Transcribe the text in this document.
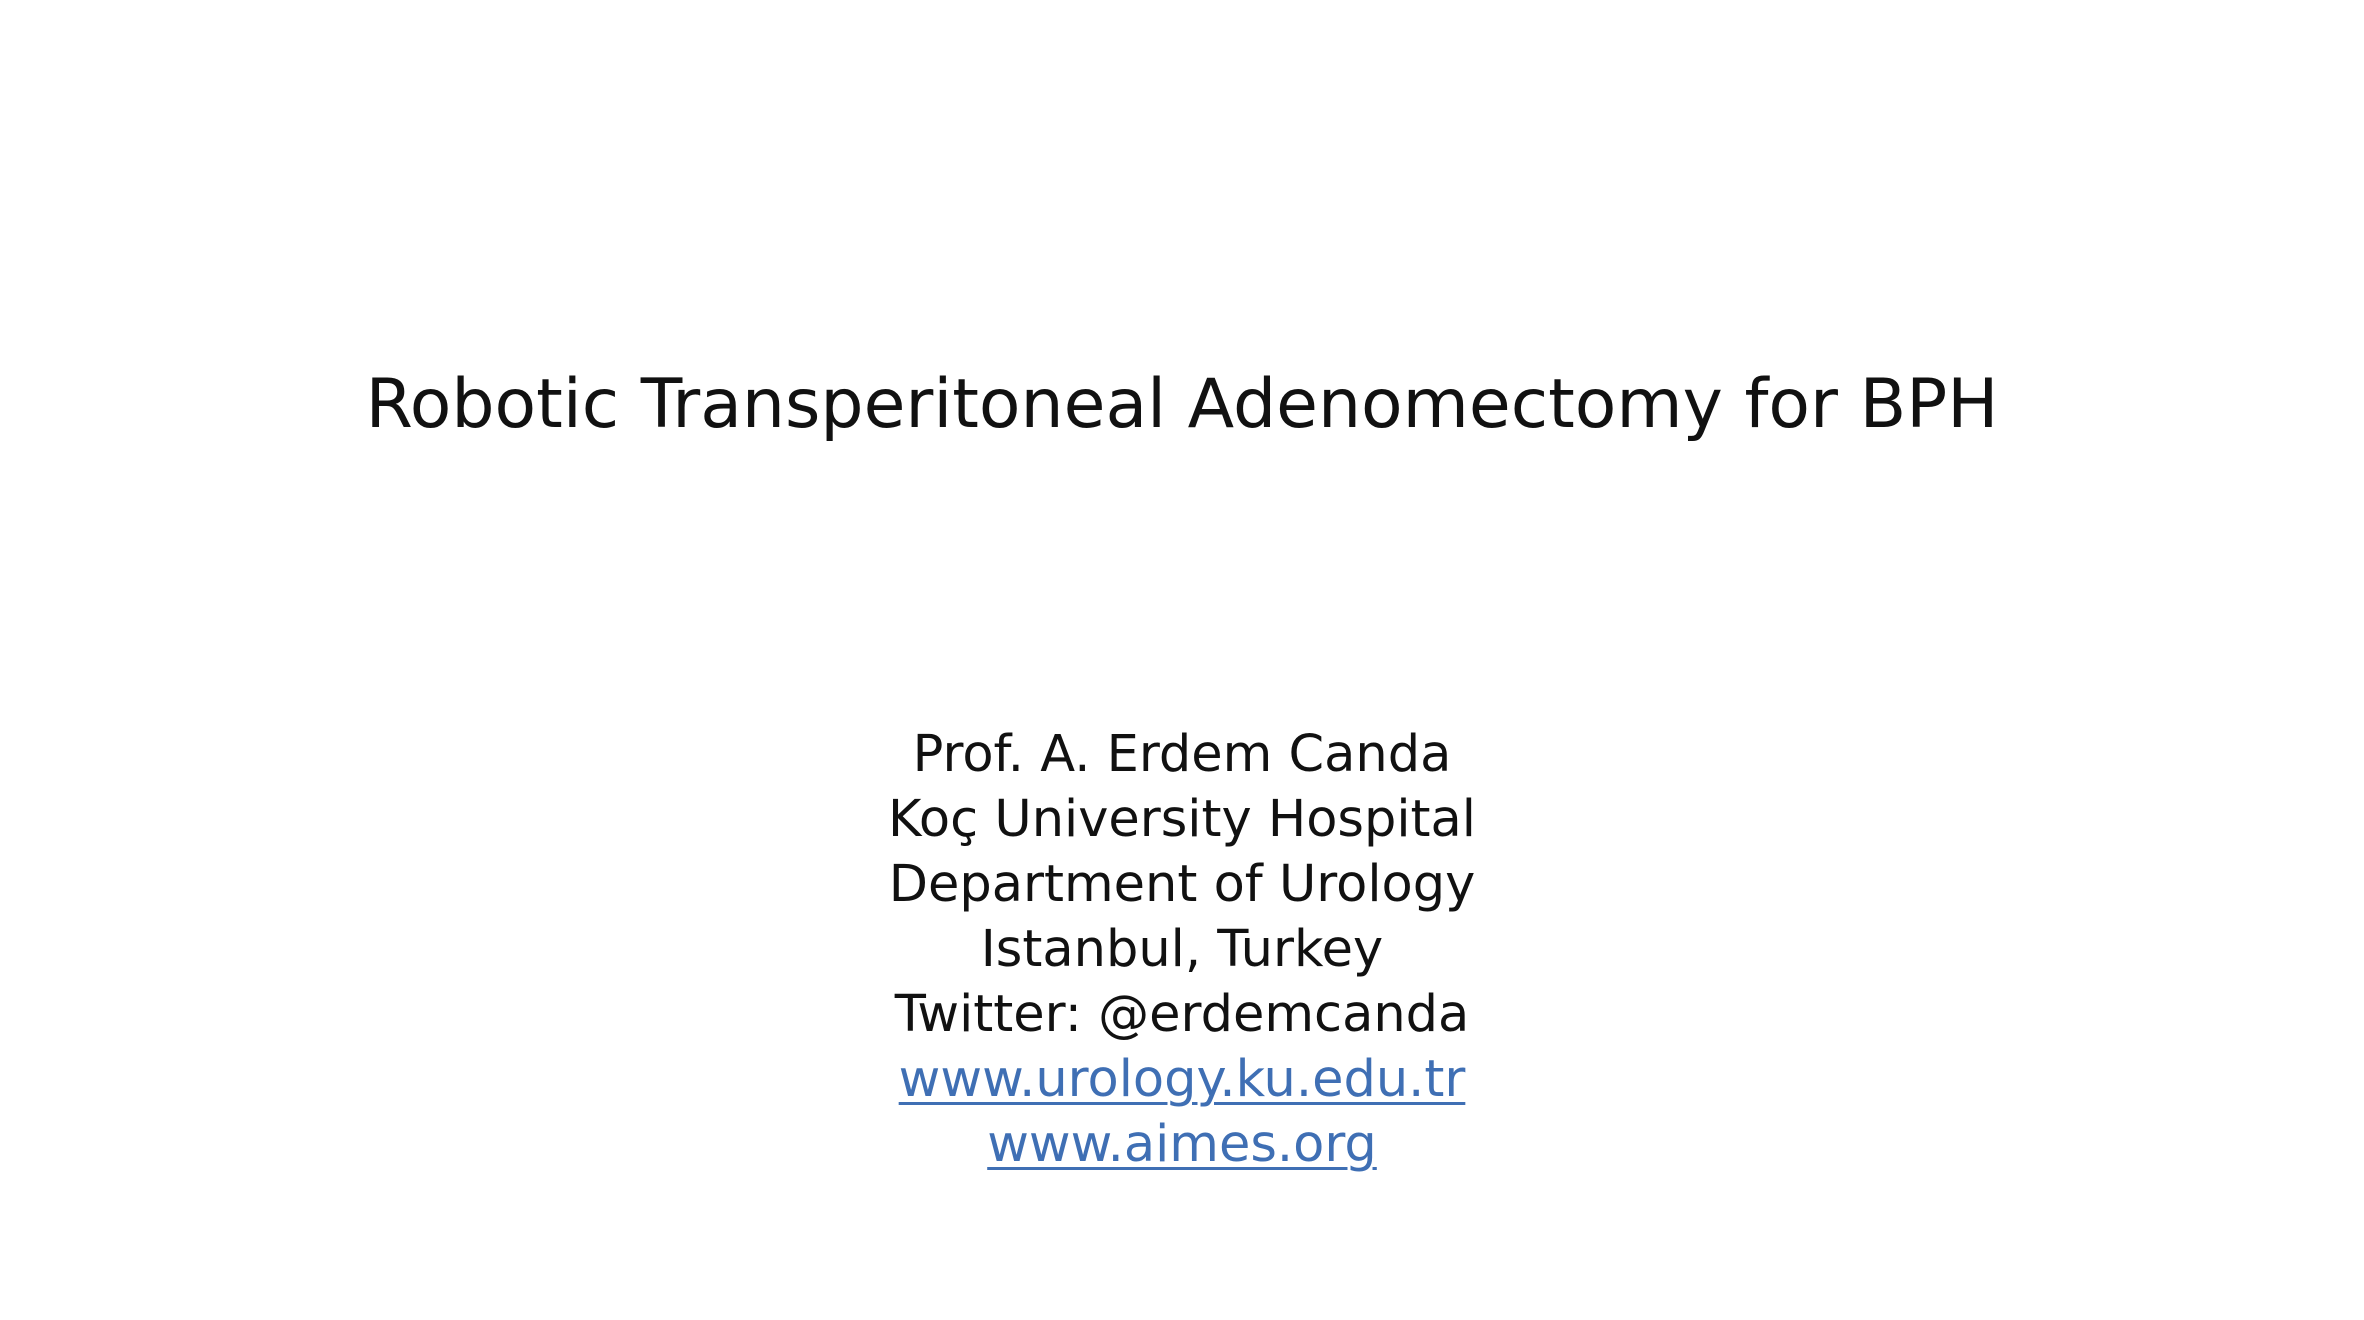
Robotic Transperitoneal Adenomectomy for BPH
Prof. A. Erdem Canda
Koç University Hospital
Department of Urology
Istanbul, Turkey
Twitter: @erdemcanda
www.urology.ku.edu.tr
www.aimes.org
